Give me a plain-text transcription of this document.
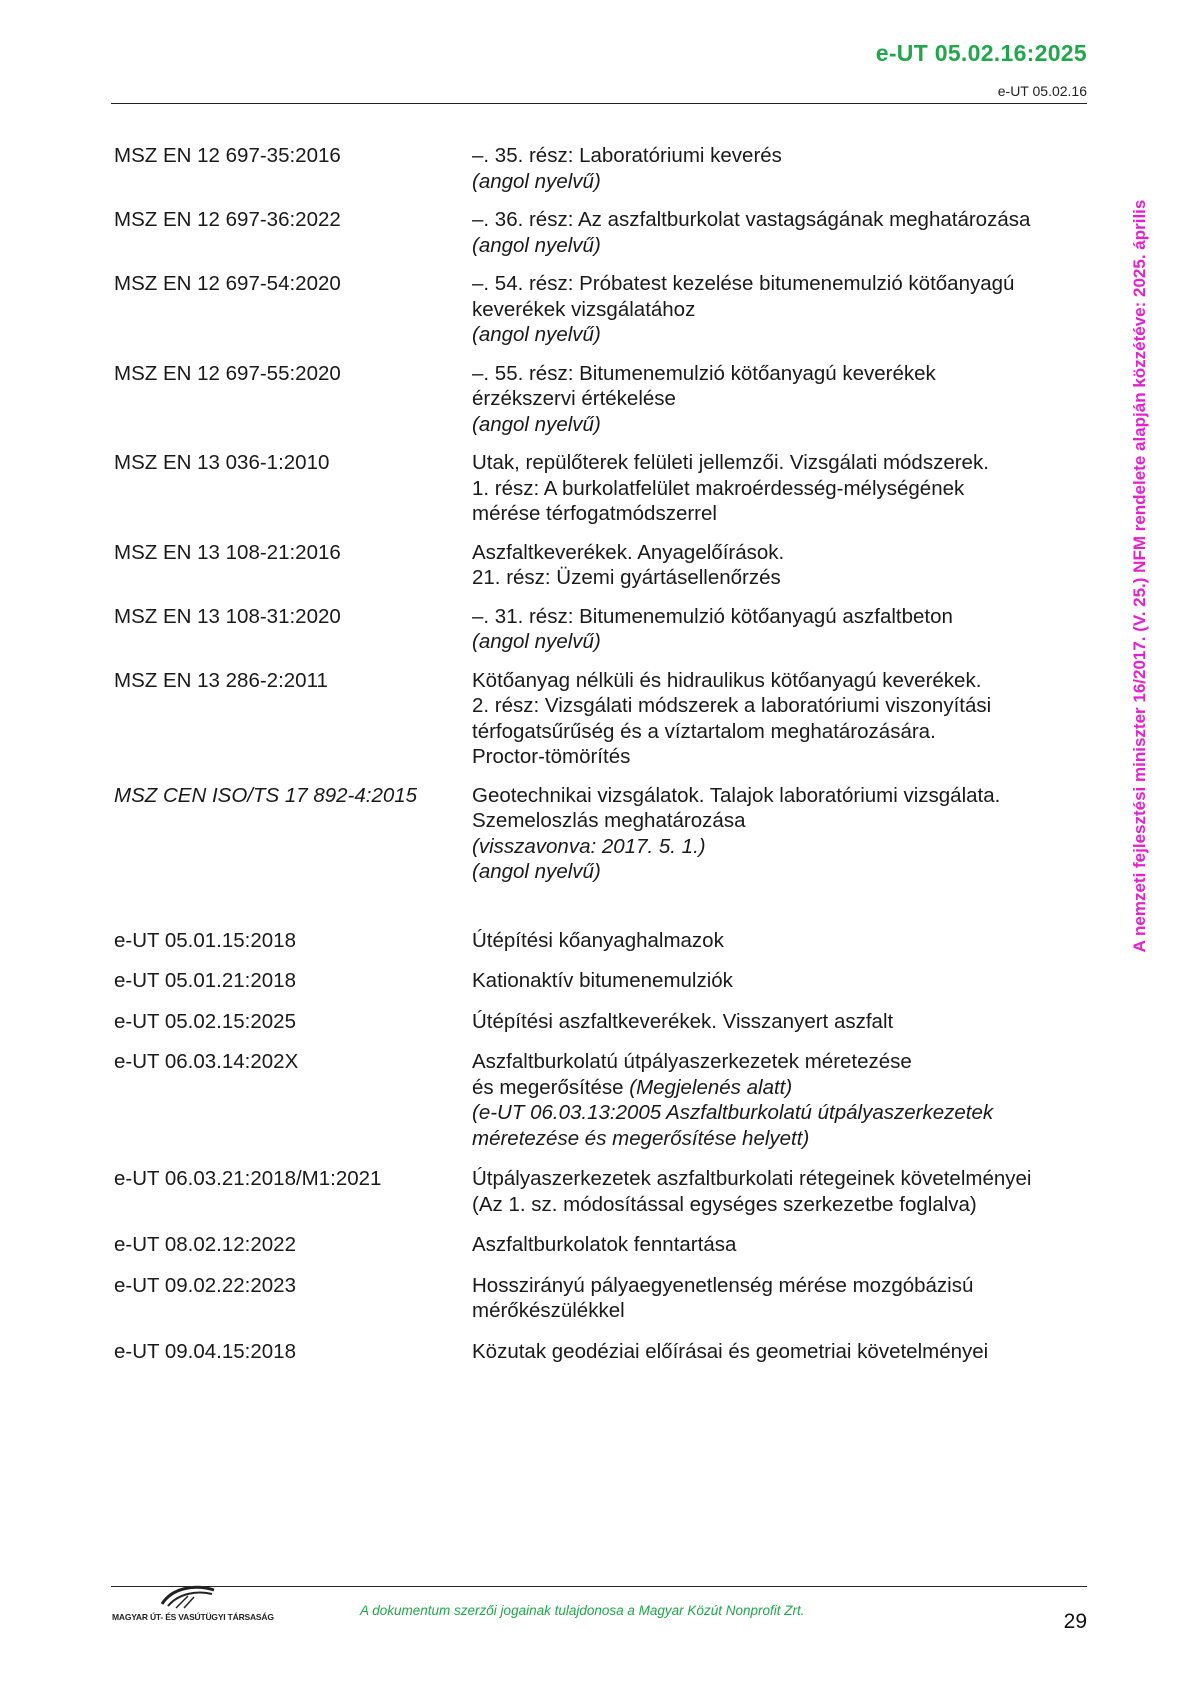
e-UT 05.02.16:2025
e-UT 05.02.16
A nemzeti fejlesztési miniszter 16/2017. (V. 25.) NFM rendelete alapján közzétéve: 2025. április
MSZ EN 12 697-35:2016	–. 35. rész: Laboratóriumi keverés
(angol nyelvű)
MSZ EN 12 697-36:2022	–. 36. rész: Az aszfaltburkolat vastagságának meghatározása
(angol nyelvű)
MSZ EN 12 697-54:2020	–. 54. rész: Próbatest kezelése bitumenemulzió kötőanyagú
keverékek vizsgálatához
(angol nyelvű)
MSZ EN 12 697-55:2020	–. 55. rész: Bitumenemulzió kötőanyagú keverékek
érzékszervi értékelése
(angol nyelvű)
MSZ EN 13 036-1:2010	Utak, repülőterek felületi jellemzői. Vizsgálati módszerek.
1. rész: A burkolatfelület makroérdesség-mélységének
mérése térfogatmódszerrel
MSZ EN 13 108-21:2016	Aszfaltkeverékek. Anyagelőírások.
21. rész: Üzemi gyártásellenőrzés
MSZ EN 13 108-31:2020	–. 31. rész: Bitumenemulzió kötőanyagú aszfaltbeton
(angol nyelvű)
MSZ EN 13 286-2:2011	Kötőanyag nélküli és hidraulikus kötőanyagú keverékek.
2. rész: Vizsgálati módszerek a laboratóriumi viszonyítási
térfogatsűrűség és a víztartalom meghatározására.
Proctor-tömörítés
MSZ CEN ISO/TS 17 892-4:2015	Geotechnikai vizsgálatok. Talajok laboratóriumi vizsgálata.
Szemeloszlás meghatározása
(visszavonva: 2017. 5. 1.)
(angol nyelvű)
e-UT 05.01.15:2018	Útépítési kőanyaghalmazok
e-UT 05.01.21:2018	Kationaktív bitumenemulziók
e-UT 05.02.15:2025	Útépítési aszfaltkeverékek. Visszanyert aszfalt
e-UT 06.03.14:202X	Aszfaltburkolatú útpályaszerkezetek méretezése
és megerősítése (Megjelenés alatt)
(e-UT 06.03.13:2005 Aszfaltburkolatú útpályaszerkezetek
méretezése és megerősítése helyett)
e-UT 06.03.21:2018/M1:2021	Útpályaszerkezetek aszfaltburkolati rétegeinek követelményei
(Az 1. sz. módosítással egységes szerkezetbe foglalva)
e-UT 08.02.12:2022	Aszfaltburkolatok fenntartása
e-UT 09.02.22:2023	Hosszirányú pályaegyenetlenség mérése mozgóbázisú
mérőkészülékkel
e-UT 09.04.15:2018	Közutak geodéziai előírásai és geometriai követelményei
MAGYAR ÚT- ÉS VASÚTÜGYI TÁRSASÁG	A dokumentum szerzői jogainak tulajdonosa a Magyar Közút Nonprofit Zrt.	29
